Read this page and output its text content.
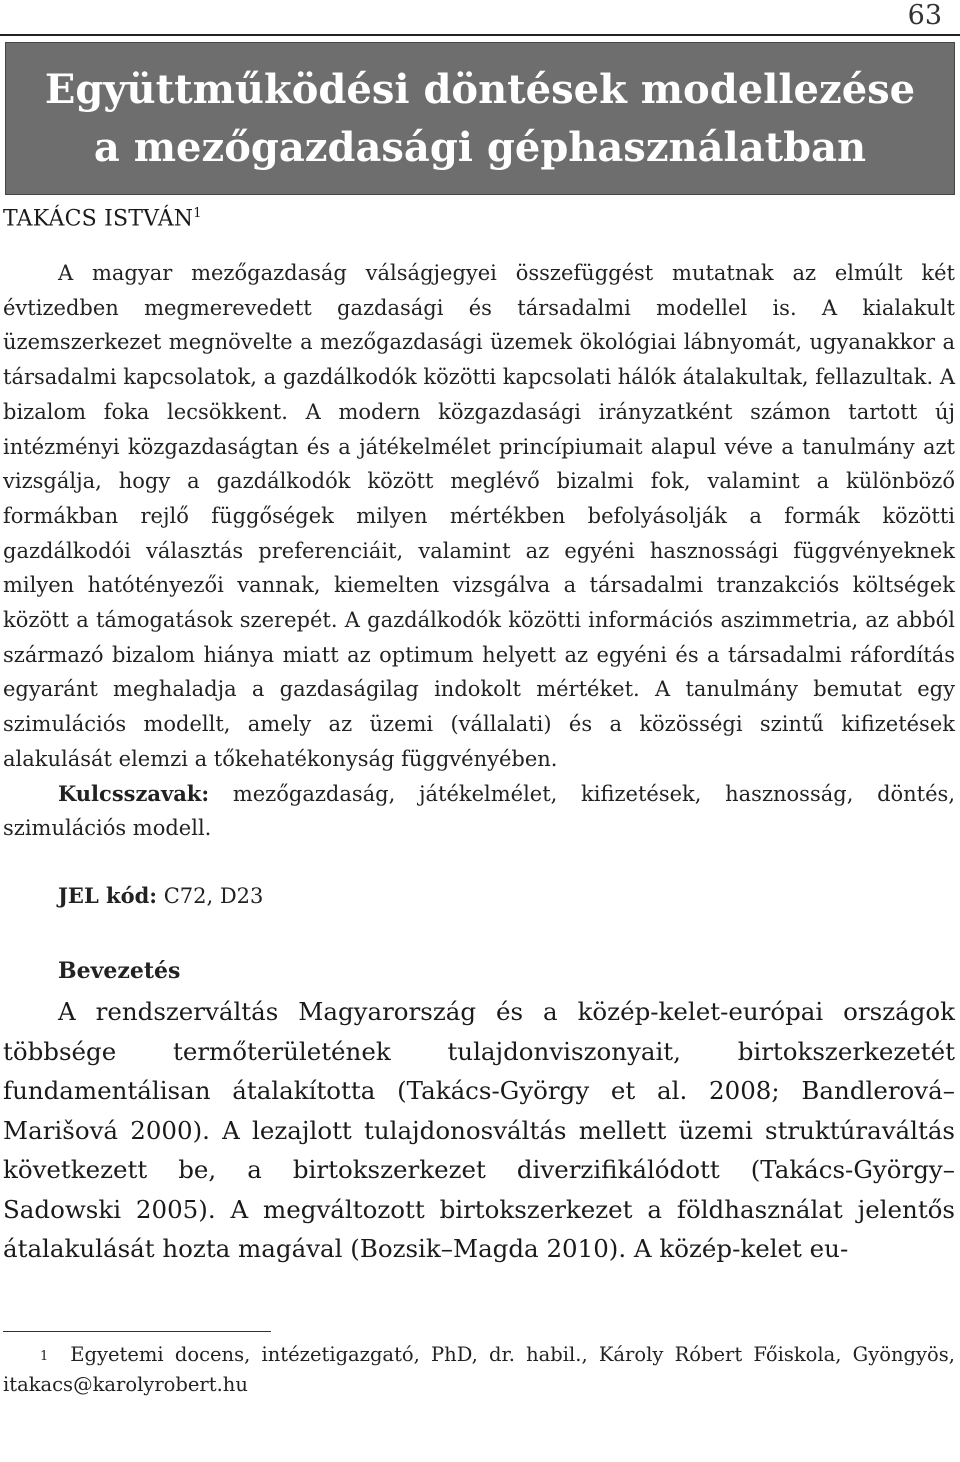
63
Együttműködési döntések modellezése
a mezőgazdasági géphasználatban
TAKÁCS ISTVÁN$^1$

A magyar mezőgazdaság válságjegyei összefüggést mutatnak az elmúlt két évtizedben megmerevedett gazdasági és társadalmi modellel is. A kialakult üzemszerkezet megnövelte a mezőgazdasági üzemek ökológiai lábnyomát, ugyanakkor a társadalmi kapcsolatok, a gazdálkodók közötti kapcsolati hálók átalakultak, fellazultak. A bizalom foka lecsökkent. A modern közgazdasági irányzatként számon tartott új intézményi közgazdaságtan és a játékelmélet princípiumait alapul véve a tanulmány azt vizsgálja, hogy a gazdálkodók között meglévő bizalmi fok, valamint a különböző formákban rejlő függőségek milyen mértékben befolyásolják a formák közötti gazdálkodói választás preferenciáit, valamint az egyéni hasznossági függvényeknek milyen hatótényezői vannak, kiemelten vizsgálva a társadalmi tranzakciós költségek között a támogatások szerepét. A gazdálkodók közötti információs aszimmetria, az abból származó bizalom hiánya miatt az optimum helyett az egyéni és a társadalmi ráfordítás egyaránt meghaladja a gazdaságilag indokolt mértéket. A tanulmány bemutat egy szimulációs modellt, amely az üzemi (vállalati) és a közösségi szintű kifizetések alakulását elemzi a tőkehatékonyság függvényében.

Kulcsszavak: mezőgazdaság, játékelmélet, kifizetések, hasznosság, döntés, szimulációs modell.

JEL kód: C72, D23
Bevezetés

A rendszerváltás Magyarország és a közép-kelet-európai országok többsége termőterületének tulajdonviszonyait, birtokszerkezetét fundamentálisan átalakította (Takács-György et al. 2008; Bandlerová–Marišová 2000). A lezajlott tulajdonosváltás mellett üzemi struktúraváltás következett be, a birtokszerkezet diverzifikálódott (Takács-György–Sadowski 2005). A megváltozott birtokszerkezet a földhasználat jelentős átalakulását hozta magával (Bozsik–Magda 2010). A közép-kelet eu-

$^1$ Egyetemi docens, intézetigazgató, PhD, dr. habil., Károly Róbert Főiskola, Gyöngyös, itakacs@karolyrobert.hu
